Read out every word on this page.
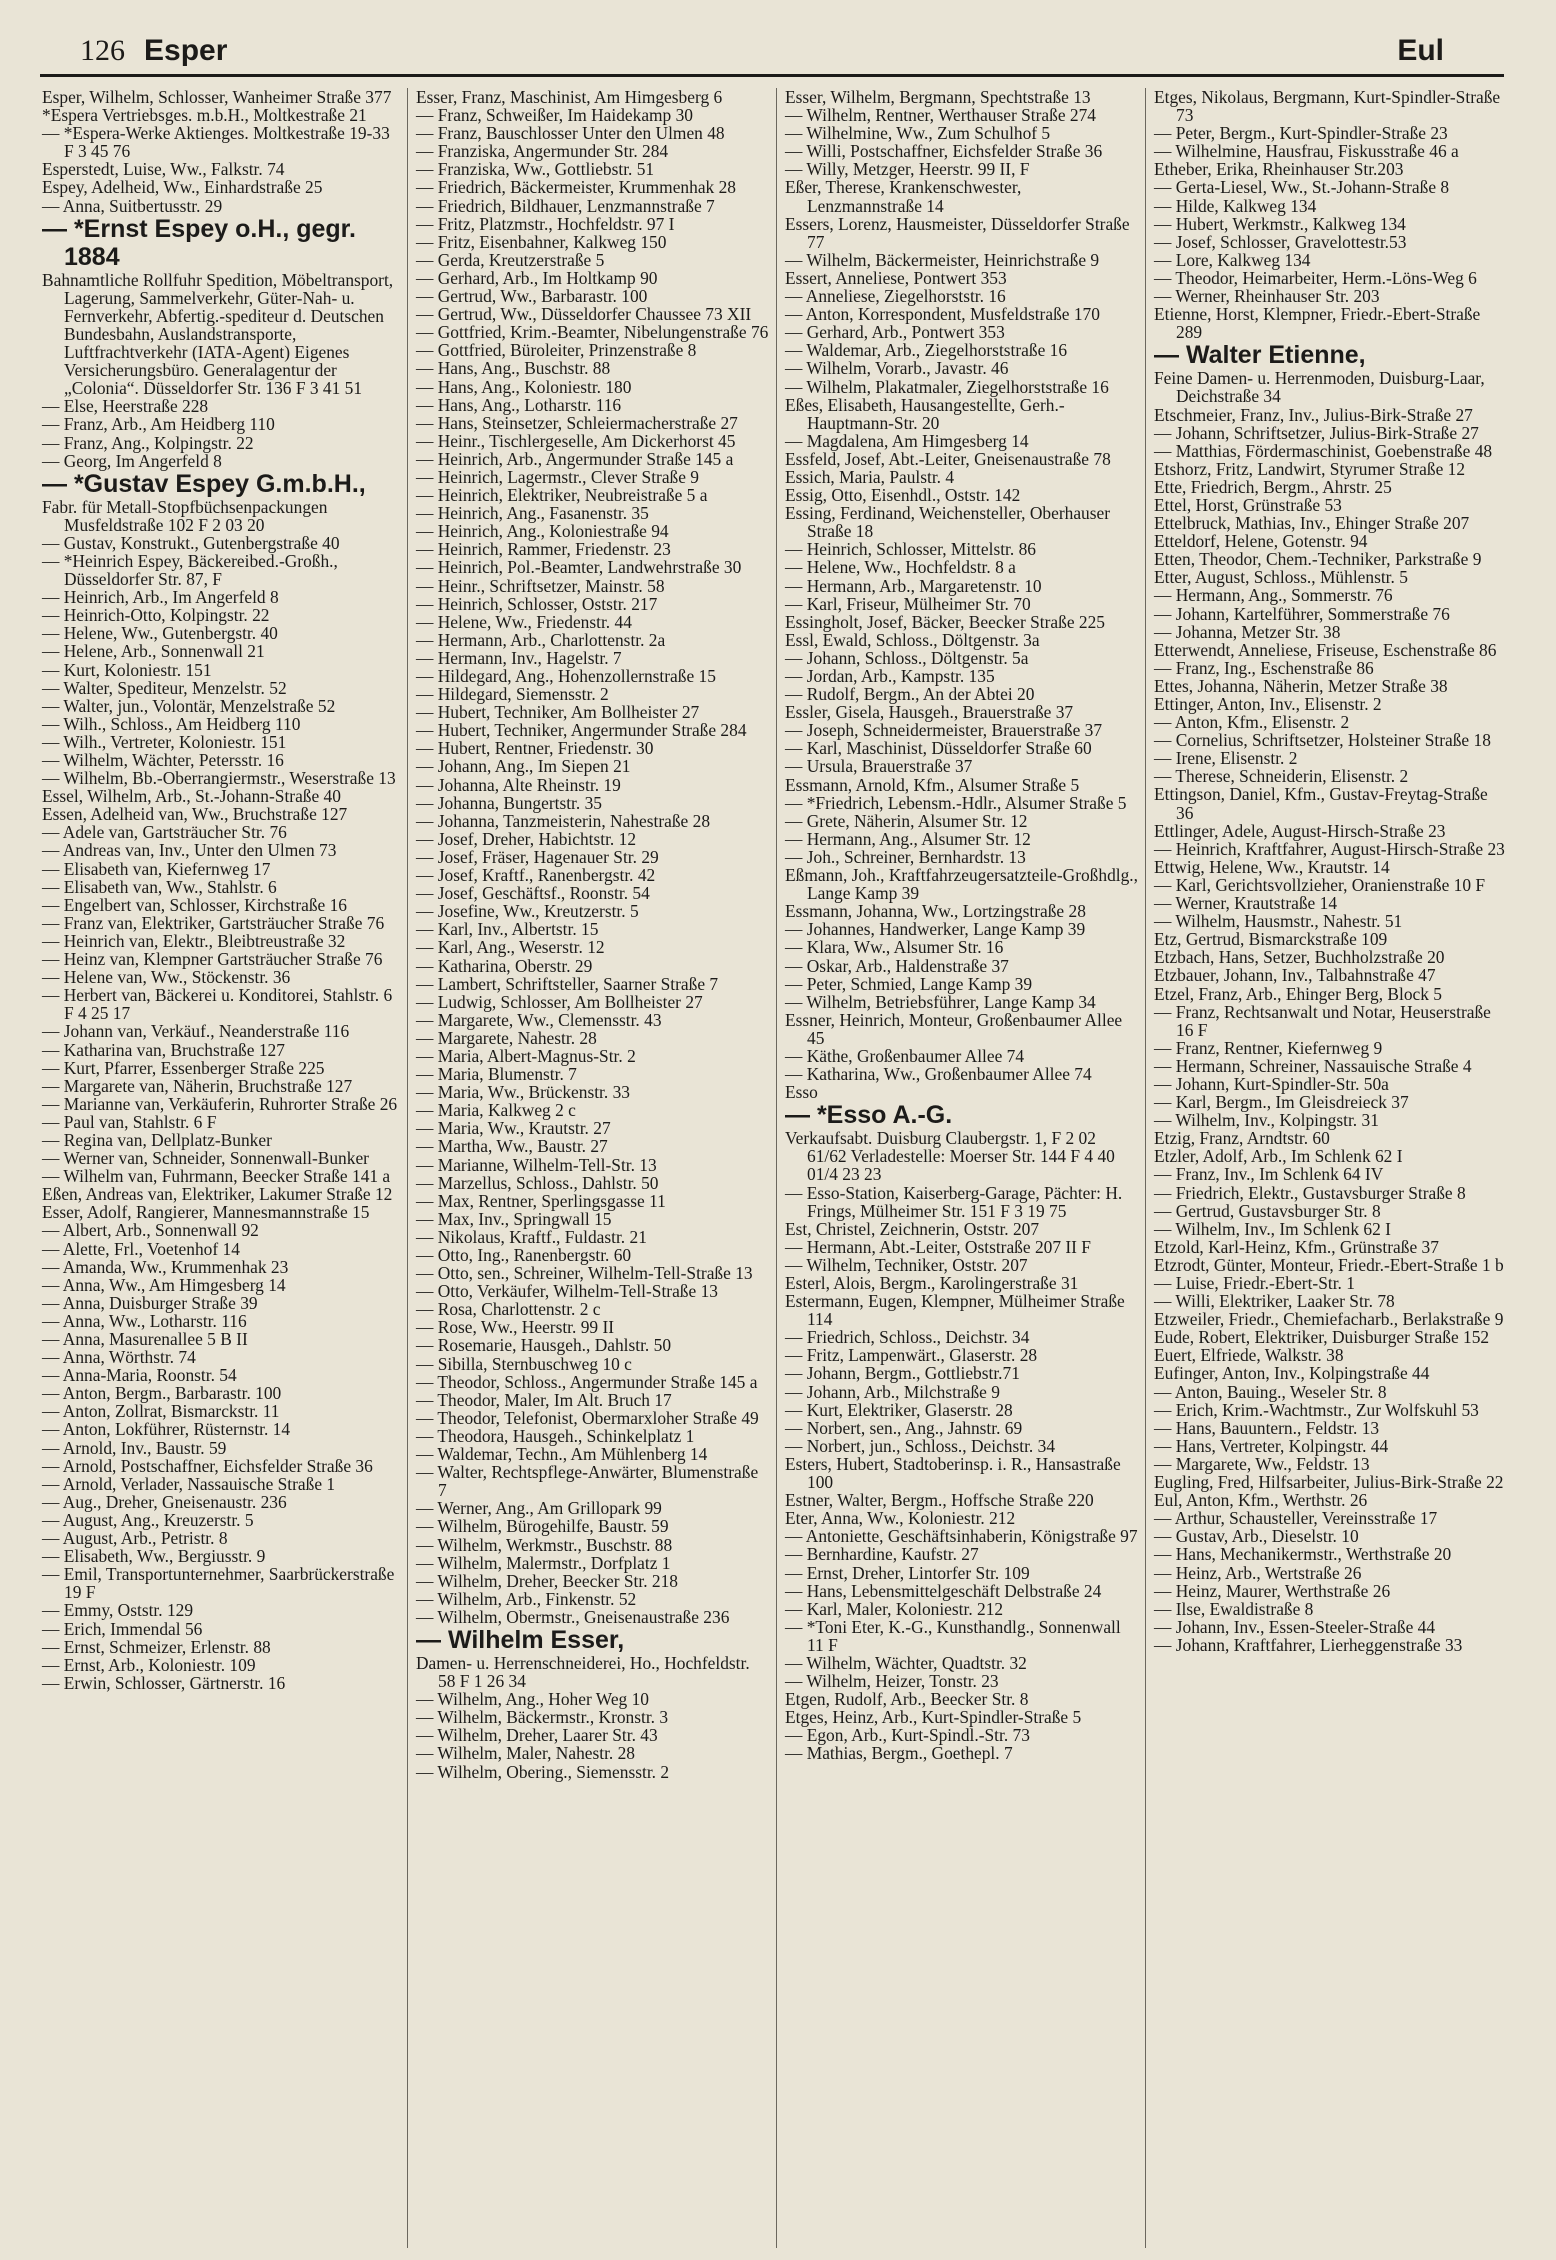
126 Esper	Eul
Esper, Wilhelm, Schlosser, Wanheimer Straße 377
*Espera Vertriebsges. m.b.H., Moltkestraße 21
— *Espera-Werke Aktienges. Moltkestraße 19-33 F 3 45 76
Esperstedt, Luise, Ww., Falkstr. 74
Espey, Adelheid, Ww., Einhardstraße 25
— Anna, Suitbertusstr. 29
— *Ernst Espey o.H., gegr. 1884
Bahnamtliche Rollfuhr Spedition, Möbeltransport, Lagerung, Sammelverkehr, Güter-Nah- u. Fernverkehr, Abfertig.-spediteur d. Deutschen Bundesbahn, Auslandstransporte, Luftfrachtverkehr (IATA-Agent) Eigenes Versicherungsbüro. Generalagentur der „Colonia“. Düsseldorfer Str. 136 F 3 41 51
— Else, Heerstraße 228
— Franz, Arb., Am Heidberg 110
— Franz, Ang., Kolpingstr. 22
— Georg, Im Angerfeld 8
— *Gustav Espey G.m.b.H.,
Fabr. für Metall-Stopfbüchsenpackungen Musfeldstraße 102 F 2 03 20
— Gustav, Konstrukt., Gutenbergstraße 40
— *Heinrich Espey, Bäckereibed.-Großh., Düsseldorfer Str. 87, F
— Heinrich, Arb., Im Angerfeld 8
— Heinrich-Otto, Kolpingstr. 22
— Helene, Ww., Gutenbergstr. 40
— Helene, Arb., Sonnenwall 21
— Kurt, Koloniestr. 151
— Walter, Spediteur, Menzelstr. 52
— Walter, jun., Volontär, Menzelstraße 52
— Wilh., Schloss., Am Heidberg 110
— Wilh., Vertreter, Koloniestr. 151
— Wilhelm, Wächter, Petersstr. 16
— Wilhelm, Bb.-Oberrangiermstr., Weserstraße 13
Essel, Wilhelm, Arb., St.-Johann-Straße 40
Essen, Adelheid van, Ww., Bruchstraße 127
— Adele van, Gartsträucher Str. 76
— Andreas van, Inv., Unter den Ulmen 73
— Elisabeth van, Kiefernweg 17
— Elisabeth van, Ww., Stahlstr. 6
— Engelbert van, Schlosser, Kirchstraße 16
— Franz van, Elektriker, Gartsträucher Straße 76
— Heinrich van, Elektr., Bleibtreustraße 32
— Heinz van, Klempner Gartsträucher Straße 76
— Helene van, Ww., Stöckenstr. 36
— Herbert van, Bäckerei u. Konditorei, Stahlstr. 6 F 4 25 17
— Johann van, Verkäuf., Neanderstraße 116
— Katharina van, Bruchstraße 127
— Kurt, Pfarrer, Essenberger Straße 225
— Margarete van, Näherin, Bruchstraße 127
— Marianne van, Verkäuferin, Ruhrorter Straße 26
— Paul van, Stahlstr. 6 F
— Regina van, Dellplatz-Bunker
— Werner van, Schneider, Sonnenwall-Bunker
— Wilhelm van, Fuhrmann, Beecker Straße 141 a
Eßen, Andreas van, Elektriker, Lakumer Straße 12
Esser, Adolf, Rangierer, Mannesmannstraße 15
— Albert, Arb., Sonnenwall 92
— Alette, Frl., Voetenhof 14
— Amanda, Ww., Krummenhak 23
— Anna, Ww., Am Himgesberg 14
— Anna, Duisburger Straße 39
— Anna, Ww., Lotharstr. 116
— Anna, Masurenallee 5 B II
— Anna, Wörthstr. 74
— Anna-Maria, Roonstr. 54
— Anton, Bergm., Barbarastr. 100
— Anton, Zollrat, Bismarckstr. 11
— Anton, Lokführer, Rüsternstr. 14
— Arnold, Inv., Baustr. 59
— Arnold, Postschaffner, Eichsfelder Straße 36
— Arnold, Verlader, Nassauische Straße 1
— Aug., Dreher, Gneisenaustr. 236
— August, Ang., Kreuzerstr. 5
— August, Arb., Petristr. 8
— Elisabeth, Ww., Bergiusstr. 9
— Emil, Transportunternehmer, Saarbrückerstraße 19 F
— Emmy, Oststr. 129
— Erich, Immendal 56
— Ernst, Schmeizer, Erlenstr. 88
— Ernst, Arb., Koloniestr. 109
— Erwin, Schlosser, Gärtnerstr. 16
Esser, Franz, Maschinist, Am Himgesberg 6
— Franz, Schweißer, Im Haidekamp 30
— Franz, Bauschlosser Unter den Ulmen 48
— Franziska, Angermunder Str. 284
— Franziska, Ww., Gottliebstr. 51
— Friedrich, Bäckermeister, Krummenhak 28
— Friedrich, Bildhauer, Lenzmannstraße 7
— Fritz, Platzmstr., Hochfeldstr. 97 I
— Fritz, Eisenbahner, Kalkweg 150
— Gerda, Kreutzerstraße 5
— Gerhard, Arb., Im Holtkamp 90
— Gertrud, Ww., Barbarastr. 100
— Gertrud, Ww., Düsseldorfer Chaussee 73 XII
— Gottfried, Krim.-Beamter, Nibelungenstraße 76
— Gottfried, Büroleiter, Prinzenstraße 8
— Hans, Ang., Buschstr. 88
— Hans, Ang., Koloniestr. 180
— Hans, Ang., Lotharstr. 116
— Hans, Steinsetzer, Schleiermacherstraße 27
— Heinr., Tischlergeselle, Am Dickerhorst 45
— Heinrich, Arb., Angermunder Straße 145 a
— Heinrich, Lagermstr., Clever Straße 9
— Heinrich, Elektriker, Neubreistraße 5 a
— Heinrich, Ang., Fasanenstr. 35
— Heinrich, Ang., Koloniestraße 94
— Heinrich, Rammer, Friedenstr. 23
— Heinrich, Pol.-Beamter, Landwehrstraße 30
— Heinr., Schriftsetzer, Mainstr. 58
— Heinrich, Schlosser, Oststr. 217
— Helene, Ww., Friedenstr. 44
— Hermann, Arb., Charlottenstr. 2a
— Hermann, Inv., Hagelstr. 7
— Hildegard, Ang., Hohenzollernstraße 15
— Hildegard, Siemensstr. 2
— Hubert, Techniker, Am Bollheister 27
— Hubert, Techniker, Angermunder Straße 284
— Hubert, Rentner, Friedenstr. 30
— Johann, Ang., Im Siepen 21
— Johanna, Alte Rheinstr. 19
— Johanna, Bungertstr. 35
— Johanna, Tanzmeisterin, Nahestraße 28
— Josef, Dreher, Habichtstr. 12
— Josef, Fräser, Hagenauer Str. 29
— Josef, Kraftf., Ranenbergstr. 42
— Josef, Geschäftsf., Roonstr. 54
— Josefine, Ww., Kreutzerstr. 5
— Karl, Inv., Albertstr. 15
— Karl, Ang., Weserstr. 12
— Katharina, Oberstr. 29
— Lambert, Schriftsteller, Saarner Straße 7
— Ludwig, Schlosser, Am Bollheister 27
— Margarete, Ww., Clemensstr. 43
— Margarete, Nahestr. 28
— Maria, Albert-Magnus-Str. 2
— Maria, Blumenstr. 7
— Maria, Ww., Brückenstr. 33
— Maria, Kalkweg 2 c
— Maria, Ww., Krautstr. 27
— Martha, Ww., Baustr. 27
— Marianne, Wilhelm-Tell-Str. 13
— Marzellus, Schloss., Dahlstr. 50
— Max, Rentner, Sperlingsgasse 11
— Max, Inv., Springwall 15
— Nikolaus, Kraftf., Fuldastr. 21
— Otto, Ing., Ranenbergstr. 60
— Otto, sen., Schreiner, Wilhelm-Tell-Straße 13
— Otto, Verkäufer, Wilhelm-Tell-Straße 13
— Rosa, Charlottenstr. 2 c
— Rose, Ww., Heerstr. 99 II
— Rosemarie, Hausgeh., Dahlstr. 50
— Sibilla, Sternbuschweg 10 c
— Theodor, Schloss., Angermunder Straße 145 a
— Theodor, Maler, Im Alt. Bruch 17
— Theodor, Telefonist, Obermarxloher Straße 49
— Theodora, Hausgeh., Schinkelplatz 1
— Waldemar, Techn., Am Mühlenberg 14
— Walter, Rechtspflege-Anwärter, Blumenstraße 7
— Werner, Ang., Am Grillopark 99
— Wilhelm, Bürogehilfe, Baustr. 59
— Wilhelm, Werkmstr., Buschstr. 88
— Wilhelm, Malermstr., Dorfplatz 1
— Wilhelm, Dreher, Beecker Str. 218
— Wilhelm, Arb., Finkenstr. 52
— Wilhelm, Obermstr., Gneisenaustraße 236
— Wilhelm Esser,
Damen- u. Herrenschneiderei, Ho., Hochfeldstr. 58 F 1 26 34
— Wilhelm, Ang., Hoher Weg 10
— Wilhelm, Bäckermstr., Kronstr. 3
— Wilhelm, Dreher, Laarer Str. 43
— Wilhelm, Maler, Nahestr. 28
— Wilhelm, Obering., Siemensstr. 2
Esser, Wilhelm, Bergmann, Spechtstraße 13
— Wilhelm, Rentner, Werthauser Straße 274
— Wilhelmine, Ww., Zum Schulhof 5
— Willi, Postschaffner, Eichsfelder Straße 36
— Willy, Metzger, Heerstr. 99 II, F
Eßer, Therese, Krankenschwester, Lenzmannstraße 14
Essers, Lorenz, Hausmeister, Düsseldorfer Straße 77
— Wilhelm, Bäckermeister, Heinrichstraße 9
Essert, Anneliese, Pontwert 353
— Anneliese, Ziegelhorststr. 16
— Anton, Korrespondent, Musfeldstraße 170
— Gerhard, Arb., Pontwert 353
— Waldemar, Arb., Ziegelhorststraße 16
— Wilhelm, Vorarb., Javastr. 46
— Wilhelm, Plakatmaler, Ziegelhorststraße 16
Eßes, Elisabeth, Hausangestellte, Gerh.-Hauptmann-Str. 20
— Magdalena, Am Himgesberg 14
Essfeld, Josef, Abt.-Leiter, Gneisenaustraße 78
Essich, Maria, Paulstr. 4
Essig, Otto, Eisenhdl., Oststr. 142
Essing, Ferdinand, Weichensteller, Oberhauser Straße 18
— Heinrich, Schlosser, Mittelstr. 86
— Helene, Ww., Hochfeldstr. 8 a
— Hermann, Arb., Margaretenstr. 10
— Karl, Friseur, Mülheimer Str. 70
Essingholt, Josef, Bäcker, Beecker Straße 225
Essl, Ewald, Schloss., Döltgenstr. 3a
— Johann, Schloss., Döltgenstr. 5a
— Jordan, Arb., Kampstr. 135
— Rudolf, Bergm., An der Abtei 20
Essler, Gisela, Hausgeh., Brauerstraße 37
— Joseph, Schneidermeister, Brauerstraße 37
— Karl, Maschinist, Düsseldorfer Straße 60
— Ursula, Brauerstraße 37
Essmann, Arnold, Kfm., Alsumer Straße 5
— *Friedrich, Lebensm.-Hdlr., Alsumer Straße 5
— Grete, Näherin, Alsumer Str. 12
— Hermann, Ang., Alsumer Str. 12
— Joh., Schreiner, Bernhardstr. 13
Eßmann, Joh., Kraftfahrzeugersatzteile-Großhdlg., Lange Kamp 39
Essmann, Johanna, Ww., Lortzingstraße 28
— Johannes, Handwerker, Lange Kamp 39
— Klara, Ww., Alsumer Str. 16
— Oskar, Arb., Haldenstraße 37
— Peter, Schmied, Lange Kamp 39
— Wilhelm, Betriebsführer, Lange Kamp 34
Essner, Heinrich, Monteur, Großenbaumer Allee 45
— Käthe, Großenbaumer Allee 74
— Katharina, Ww., Großenbaumer Allee 74
Esso
— *Esso A.-G.
Verkaufsabt. Duisburg Claubergstr. 1, F 2 02 61/62 Verladestelle: Moerser Str. 144 F 4 40 01/4 23 23
— Esso-Station, Kaiserberg-Garage, Pächter: H. Frings, Mülheimer Str. 151 F 3 19 75
Est, Christel, Zeichnerin, Oststr. 207
— Hermann, Abt.-Leiter, Oststraße 207 II F
— Wilhelm, Techniker, Oststr. 207
Esterl, Alois, Bergm., Karolingerstraße 31
Estermann, Eugen, Klempner, Mülheimer Straße 114
— Friedrich, Schloss., Deichstr. 34
— Fritz, Lampenwärt., Glaserstr. 28
— Johann, Bergm., Gottliebstr.71
— Johann, Arb., Milchstraße 9
— Kurt, Elektriker, Glaserstr. 28
— Norbert, sen., Ang., Jahnstr. 69
— Norbert, jun., Schloss., Deichstr. 34
Esters, Hubert, Stadtoberinsp. i. R., Hansastraße 100
Estner, Walter, Bergm., Hoffsche Straße 220
Eter, Anna, Ww., Koloniestr. 212
— Antoniette, Geschäftsinhaberin, Königstraße 97
— Bernhardine, Kaufstr. 27
— Ernst, Dreher, Lintorfer Str. 109
— Hans, Lebensmittelgeschäft Delbstraße 24
— Karl, Maler, Koloniestr. 212
— *Toni Eter, K.-G., Kunsthandlg., Sonnenwall 11 F
— Wilhelm, Wächter, Quadtstr. 32
— Wilhelm, Heizer, Tonstr. 23
Etgen, Rudolf, Arb., Beecker Str. 8
Etges, Heinz, Arb., Kurt-Spindler-Straße 5
— Egon, Arb., Kurt-Spindl.-Str. 73
— Mathias, Bergm., Goethepl. 7
Etges, Nikolaus, Bergmann, Kurt-Spindler-Straße 73
— Peter, Bergm., Kurt-Spindler-Straße 23
— Wilhelmine, Hausfrau, Fiskusstraße 46 a
Etheber, Erika, Rheinhauser Str.203
— Gerta-Liesel, Ww., St.-Johann-Straße 8
— Hilde, Kalkweg 134
— Hubert, Werkmstr., Kalkweg 134
— Josef, Schlosser, Gravelottestr.53
— Lore, Kalkweg 134
— Theodor, Heimarbeiter, Herm.-Löns-Weg 6
— Werner, Rheinhauser Str. 203
Etienne, Horst, Klempner, Friedr.-Ebert-Straße 289
— Walter Etienne,
Feine Damen- u. Herrenmoden, Duisburg-Laar, Deichstraße 34
Etschmeier, Franz, Inv., Julius-Birk-Straße 27
— Johann, Schriftsetzer, Julius-Birk-Straße 27
— Matthias, Fördermaschinist, Goebenstraße 48
Etshorz, Fritz, Landwirt, Styrumer Straße 12
Ette, Friedrich, Bergm., Ahrstr. 25
Ettel, Horst, Grünstraße 53
Ettelbruck, Mathias, Inv., Ehinger Straße 207
Etteldorf, Helene, Gotenstr. 94
Etten, Theodor, Chem.-Techniker, Parkstraße 9
Etter, August, Schloss., Mühlenstr. 5
— Hermann, Ang., Sommerstr. 76
— Johann, Kartelführer, Sommerstraße 76
— Johanna, Metzer Str. 38
Etterwendt, Anneliese, Friseuse, Eschenstraße 86
— Franz, Ing., Eschenstraße 86
Ettes, Johanna, Näherin, Metzer Straße 38
Ettinger, Anton, Inv., Elisenstr. 2
— Anton, Kfm., Elisenstr. 2
— Cornelius, Schriftsetzer, Holsteiner Straße 18
— Irene, Elisenstr. 2
— Therese, Schneiderin, Elisenstr. 2
Ettingson, Daniel, Kfm., Gustav-Freytag-Straße 36
Ettlinger, Adele, August-Hirsch-Straße 23
— Heinrich, Kraftfahrer, August-Hirsch-Straße 23
Ettwig, Helene, Ww., Krautstr. 14
— Karl, Gerichtsvollzieher, Oranienstraße 10 F
— Werner, Krautstraße 14
— Wilhelm, Hausmstr., Nahestr. 51
Etz, Gertrud, Bismarckstraße 109
Etzbach, Hans, Setzer, Buchholzstraße 20
Etzbauer, Johann, Inv., Talbahnstraße 47
Etzel, Franz, Arb., Ehinger Berg, Block 5
— Franz, Rechtsanwalt und Notar, Heuserstraße 16 F
— Franz, Rentner, Kiefernweg 9
— Hermann, Schreiner, Nassauische Straße 4
— Johann, Kurt-Spindler-Str. 50a
— Karl, Bergm., Im Gleisdreieck 37
— Wilhelm, Inv., Kolpingstr. 31
Etzig, Franz, Arndtstr. 60
Etzler, Adolf, Arb., Im Schlenk 62 I
— Franz, Inv., Im Schlenk 64 IV
— Friedrich, Elektr., Gustavsburger Straße 8
— Gertrud, Gustavsburger Str. 8
— Wilhelm, Inv., Im Schlenk 62 I
Etzold, Karl-Heinz, Kfm., Grünstraße 37
Etzrodt, Günter, Monteur, Friedr.-Ebert-Straße 1 b
— Luise, Friedr.-Ebert-Str. 1
— Willi, Elektriker, Laaker Str. 78
Etzweiler, Friedr., Chemiefacharb., Berlakstraße 9
Eude, Robert, Elektriker, Duisburger Straße 152
Euert, Elfriede, Walkstr. 38
Eufinger, Anton, Inv., Kolpingstraße 44
— Anton, Bauing., Weseler Str. 8
— Erich, Krim.-Wachtmstr., Zur Wolfskuhl 53
— Hans, Bauuntern., Feldstr. 13
— Hans, Vertreter, Kolpingstr. 44
— Margarete, Ww., Feldstr. 13
Eugling, Fred, Hilfsarbeiter, Julius-Birk-Straße 22
Eul, Anton, Kfm., Werthstr. 26
— Arthur, Schausteller, Vereinsstraße 17
— Gustav, Arb., Dieselstr. 10
— Hans, Mechanikermstr., Werthstraße 20
— Heinz, Arb., Wertstraße 26
— Heinz, Maurer, Werthstraße 26
— Ilse, Ewaldistraße 8
— Johann, Inv., Essen-Steeler-Straße 44
— Johann, Kraftfahrer, Lierheggenstraße 33
